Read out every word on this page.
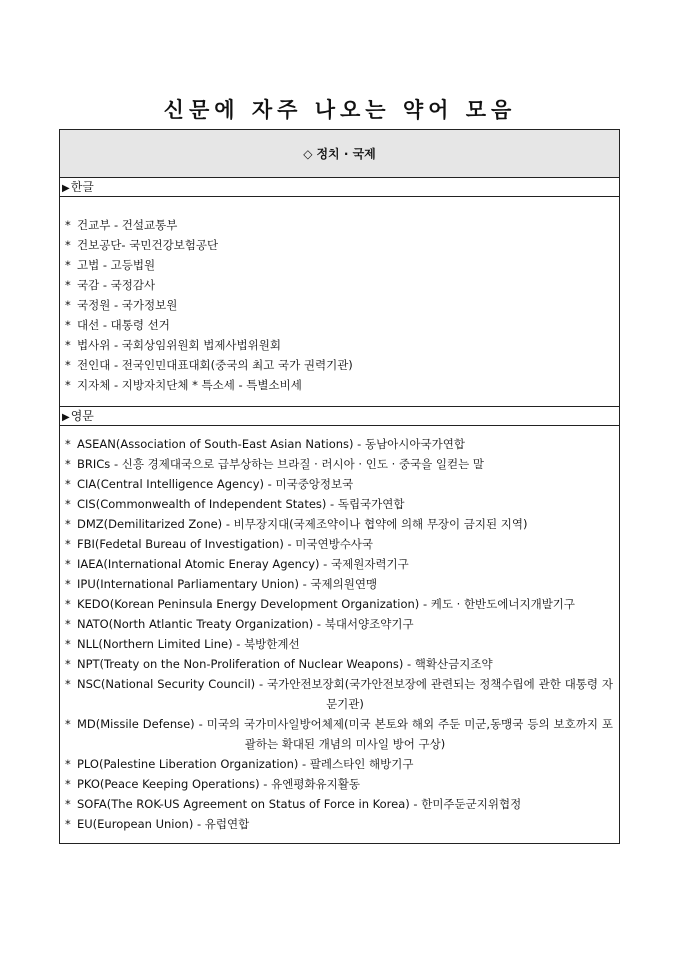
신문에 자주 나오는 약어 모음
◇ 정치 · 국제
▶한글
* 건교부 - 건설교통부
* 건보공단- 국민건강보험공단
* 고법 - 고등법원
* 국감 - 국정감사
* 국정원 - 국가정보원
* 대선 - 대통령 선거
* 법사위 - 국회상임위원회 법제사법위원회
* 전인대 - 전국인민대표대회(중국의 최고 국가 권력기관)
* 지자체 - 지방자치단체 * 특소세 - 특별소비세
▶영문
* ASEAN(Association of South-East Asian Nations) - 동남아시아국가연합
* BRICs - 신흥 경제대국으로 급부상하는 브라질 · 러시아 · 인도 · 중국을 일컫는 말
* CIA(Central Intelligence Agency) - 미국중앙정보국
* CIS(Commonwealth of Independent States) - 독립국가연합
* DMZ(Demilitarized Zone) - 비무장지대(국제조약이나 협약에 의해 무장이 금지된 지역)
* FBI(Fedetal Bureau of Investigation) - 미국연방수사국
* IAEA(International Atomic Eneray Agency) - 국제원자력기구
* IPU(International Parliamentary Union) - 국제의원연맹
* KEDO(Korean Peninsula Energy Development Organization) - 케도 · 한반도에너지개발기구
* NATO(North Atlantic Treaty Organization) - 북대서양조약기구
* NLL(Northern Limited Line) - 북방한계선
* NPT(Treaty on the Non-Proliferation of Nuclear Weapons) - 핵확산금지조약
* NSC(National Security Council) - 국가안전보장회(국가안전보장에 관련되는 정책수립에 관한 대통령 자문기관)
* MD(Missile Defense) - 미국의 국가미사일방어체제(미국 본토와 해외 주둔 미군,동맹국 등의 보호까지 포괄하는 확대된 개념의 미사일 방어 구상)
* PLO(Palestine Liberation Organization) - 팔레스타인 해방기구
* PKO(Peace Keeping Operations) - 유엔평화유지활동
* SOFA(The ROK-US Agreement on Status of Force in Korea) - 한미주둔군지위협정
* EU(European Union) - 유럽연합
